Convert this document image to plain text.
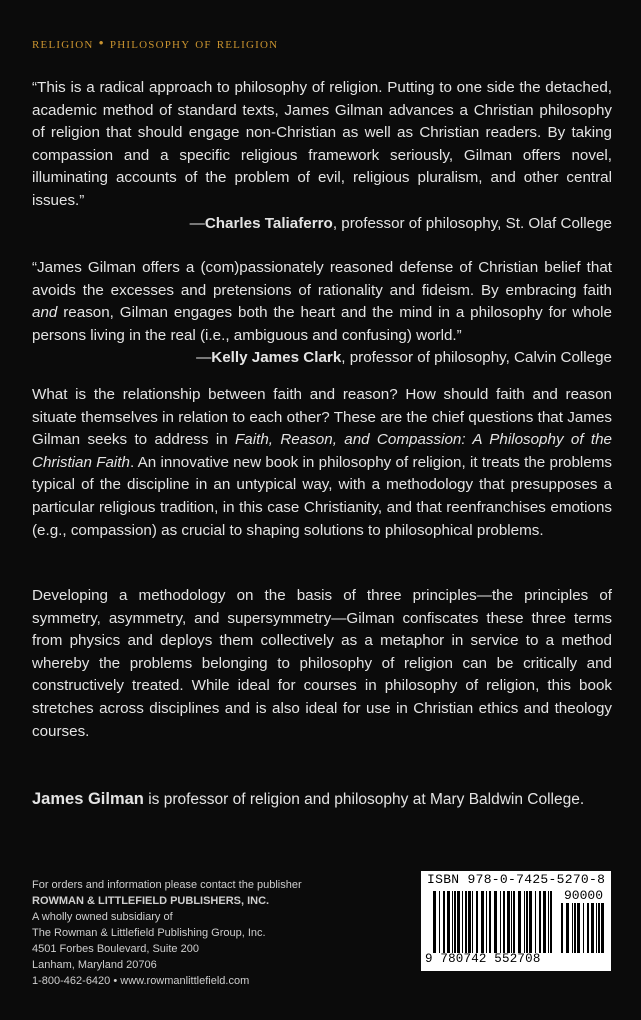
religion • philosophy of religion
“This is a radical approach to philosophy of religion. Putting to one side the detached, academic method of standard texts, James Gilman advances a Christian philosophy of religion that should engage non-Christian as well as Christian readers. By taking compassion and a specific religious framework seriously, Gilman offers novel, illuminating accounts of the problem of evil, religious pluralism, and other central issues.”
—Charles Taliaferro, professor of philosophy, St. Olaf College
“James Gilman offers a (com)passionately reasoned defense of Christian belief that avoids the excesses and pretensions of rationality and fideism. By embracing faith and reason, Gilman engages both the heart and the mind in a philosophy for whole persons living in the real (i.e., ambiguous and confusing) world.”
—Kelly James Clark, professor of philosophy, Calvin College
What is the relationship between faith and reason? How should faith and reason situate themselves in relation to each other? These are the chief questions that James Gilman seeks to address in Faith, Reason, and Compassion: A Philosophy of the Christian Faith. An innovative new book in philosophy of religion, it treats the problems typical of the discipline in an untypical way, with a methodology that presupposes a particular religious tradition, in this case Christianity, and that reenfranchises emotions (e.g., compassion) as crucial to shaping solutions to philosophical problems.
Developing a methodology on the basis of three principles—the principles of symmetry, asymmetry, and supersymmetry—Gilman confiscates these three terms from physics and deploys them collectively as a metaphor in service to a method whereby the problems belonging to philosophy of religion can be critically and constructively treated. While ideal for courses in philosophy of religion, this book stretches across disciplines and is also ideal for use in Christian ethics and theology courses.
James Gilman is professor of religion and philosophy at Mary Baldwin College.
For orders and information please contact the publisher
ROWMAN & LITTLEFIELD PUBLISHERS, INC.
A wholly owned subsidiary of
The Rowman & Littlefield Publishing Group, Inc.
4501 Forbes Boulevard, Suite 200
Lanham, Maryland 20706
1-800-462-6420 • www.rowmanlittlefield.com
ISBN 978-0-7425-5270-8
90000
9 780742 552708
